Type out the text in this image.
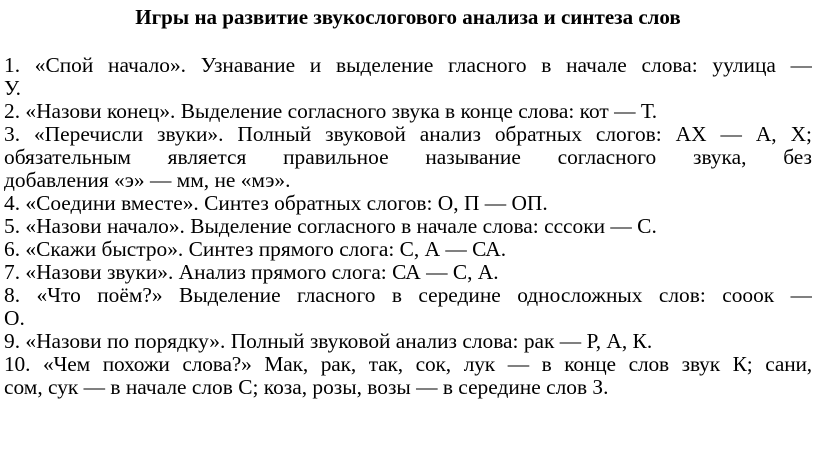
Игры на развитие звукослогового анализа и синтеза слов
1. «Спой начало». Узнавание и выделение гласного в начале слова: уулица —
У.
2. «Назови конец». Выделение согласного звука в конце слова: кот — Т.
3. «Перечисли звуки». Полный звуковой анализ обратных слогов: АХ — А, Х;
обязательным является правильное называние согласного звука, без
добавления «э» — мм, не «мэ».
4. «Соедини вместе». Синтез обратных слогов: О, П — ОП.
5. «Назови начало». Выделение согласного в начале слова: сссоки — С.
6. «Скажи быстро». Синтез прямого слога: С, А — СА.
7. «Назови звуки». Анализ прямого слога: СА — С, А.
8. «Что поём?» Выделение гласного в середине односложных слов: сооок —
О.
9. «Назови по порядку». Полный звуковой анализ слова: рак — Р, А, К.
10. «Чем похожи слова?» Мак, рак, так, сок, лук — в конце слов звук К; сани,
сом, сук — в начале слов С; коза, розы, возы — в середине слов З.
